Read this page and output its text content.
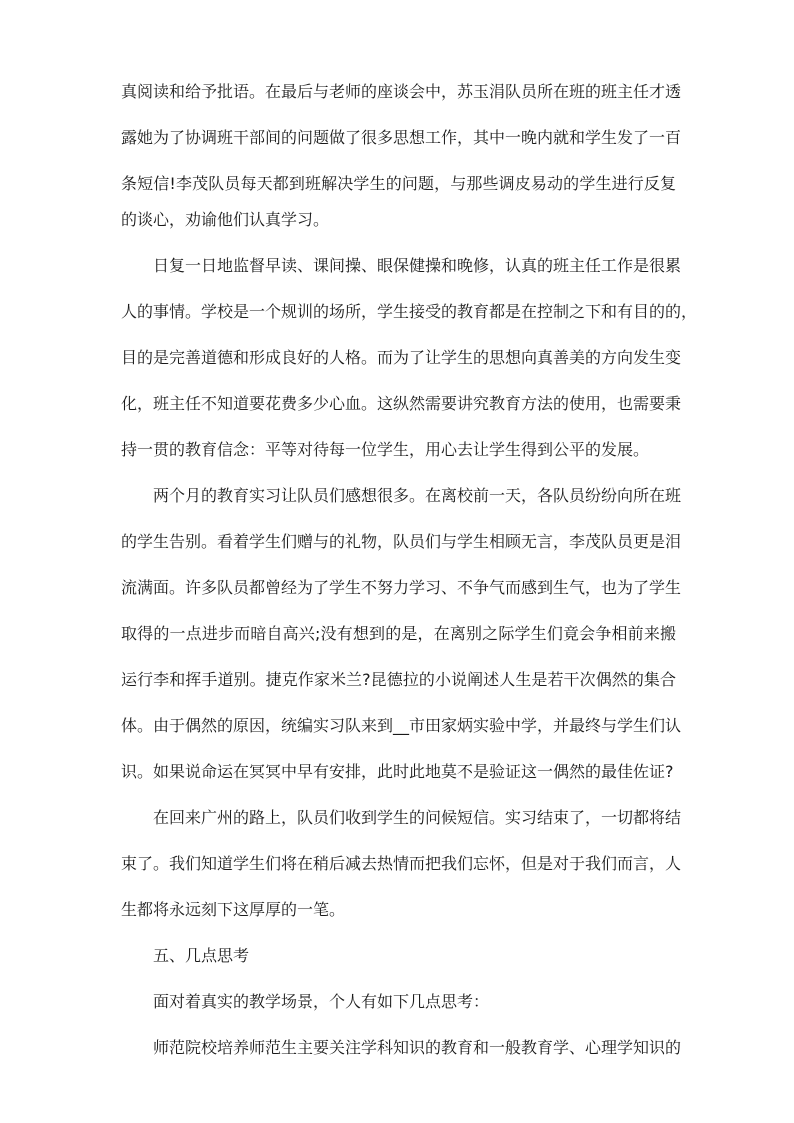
真阅读和给予批语。在最后与老师的座谈会中，苏玉涓队员所在班的班主任才透
露她为了协调班干部间的问题做了很多思想工作，其中一晚内就和学生发了一百
条短信!李茂队员每天都到班解决学生的问题，与那些调皮易动的学生进行反复
的谈心，劝谕他们认真学习。
日复一日地监督早读、课间操、眼保健操和晚修，认真的班主任工作是很累
人的事情。学校是一个规训的场所，学生接受的教育都是在控制之下和有目的的，
目的是完善道德和形成良好的人格。而为了让学生的思想向真善美的方向发生变
化，班主任不知道要花费多少心血。这纵然需要讲究教育方法的使用，也需要秉
持一贯的教育信念：平等对待每一位学生，用心去让学生得到公平的发展。
两个月的教育实习让队员们感想很多。在离校前一天，各队员纷纷向所在班
的学生告别。看着学生们赠与的礼物，队员们与学生相顾无言，李茂队员更是泪
流满面。许多队员都曾经为了学生不努力学习、不争气而感到生气，也为了学生
取得的一点进步而暗自高兴;没有想到的是，在离别之际学生们竟会争相前来搬
运行李和挥手道别。捷克作家米兰?昆德拉的小说阐述人生是若干次偶然的集合
体。由于偶然的原因，统编实习队来到__市田家炳实验中学，并最终与学生们认
识。如果说命运在冥冥中早有安排，此时此地莫不是验证这一偶然的最佳佐证?
在回来广州的路上，队员们收到学生的问候短信。实习结束了，一切都将结
束了。我们知道学生们将在稍后减去热情而把我们忘怀，但是对于我们而言，人
生都将永远刻下这厚厚的一笔。
五、几点思考
面对着真实的教学场景，个人有如下几点思考：
师范院校培养师范生主要关注学科知识的教育和一般教育学、心理学知识的
